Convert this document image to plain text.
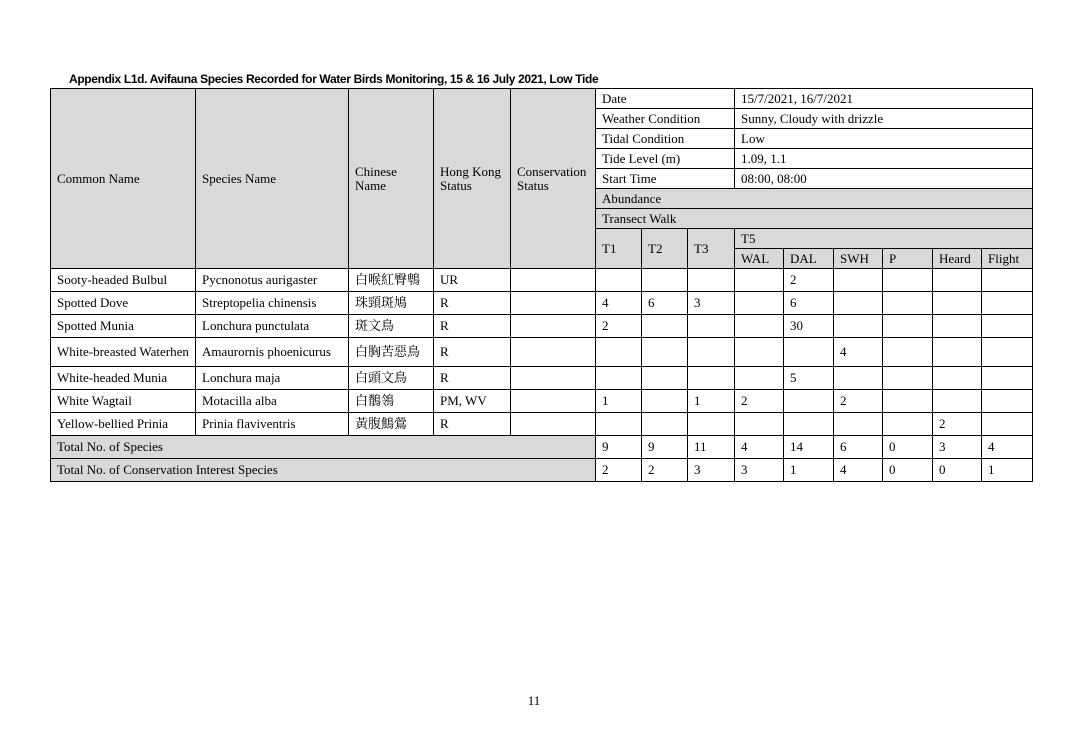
Appendix L1d. Avifauna Species Recorded for Water Birds Monitoring, 15 & 16 July 2021, Low Tide
Common Name	Species Name	Chinese Name	Hong Kong Status	Conservation Status	Date			15/7/2021, 16/7/2021					
					Weather Condition			Sunny, Cloudy with drizzle					
					Tidal Condition			Low					
					Tide Level (m)			1.09, 1.1					
					Start Time			08:00, 08:00					
					Abundance								
					Transect Walk								
					T1	T2	T3	T5					
								WAL	DAL	SWH	P	Heard	Flight
Sooty-headed Bulbul	Pycnonotus aurigaster	白喉紅臀鵯	UR						2				
Spotted Dove	Streptopelia chinensis	珠頸斑鳩	R		4	6	3		6				
Spotted Munia	Lonchura punctulata	斑文鳥	R		2				30				
White-breasted Waterhen	Amaurornis phoenicurus	白胸苦惡鳥	R							4			
White-headed Munia	Lonchura maja	白頭文鳥	R						5				
White Wagtail	Motacilla alba	白鶺鴒	PM, WV		1		1	2		2			
Yellow-bellied Prinia	Prinia flaviventris	黃腹鷦鶯	R									2	
Total No. of Species					9	9	11	4	14	6	0	3	4
Total No. of Conservation Interest Species					2	2	3	3	1	4	0	0	1
11
